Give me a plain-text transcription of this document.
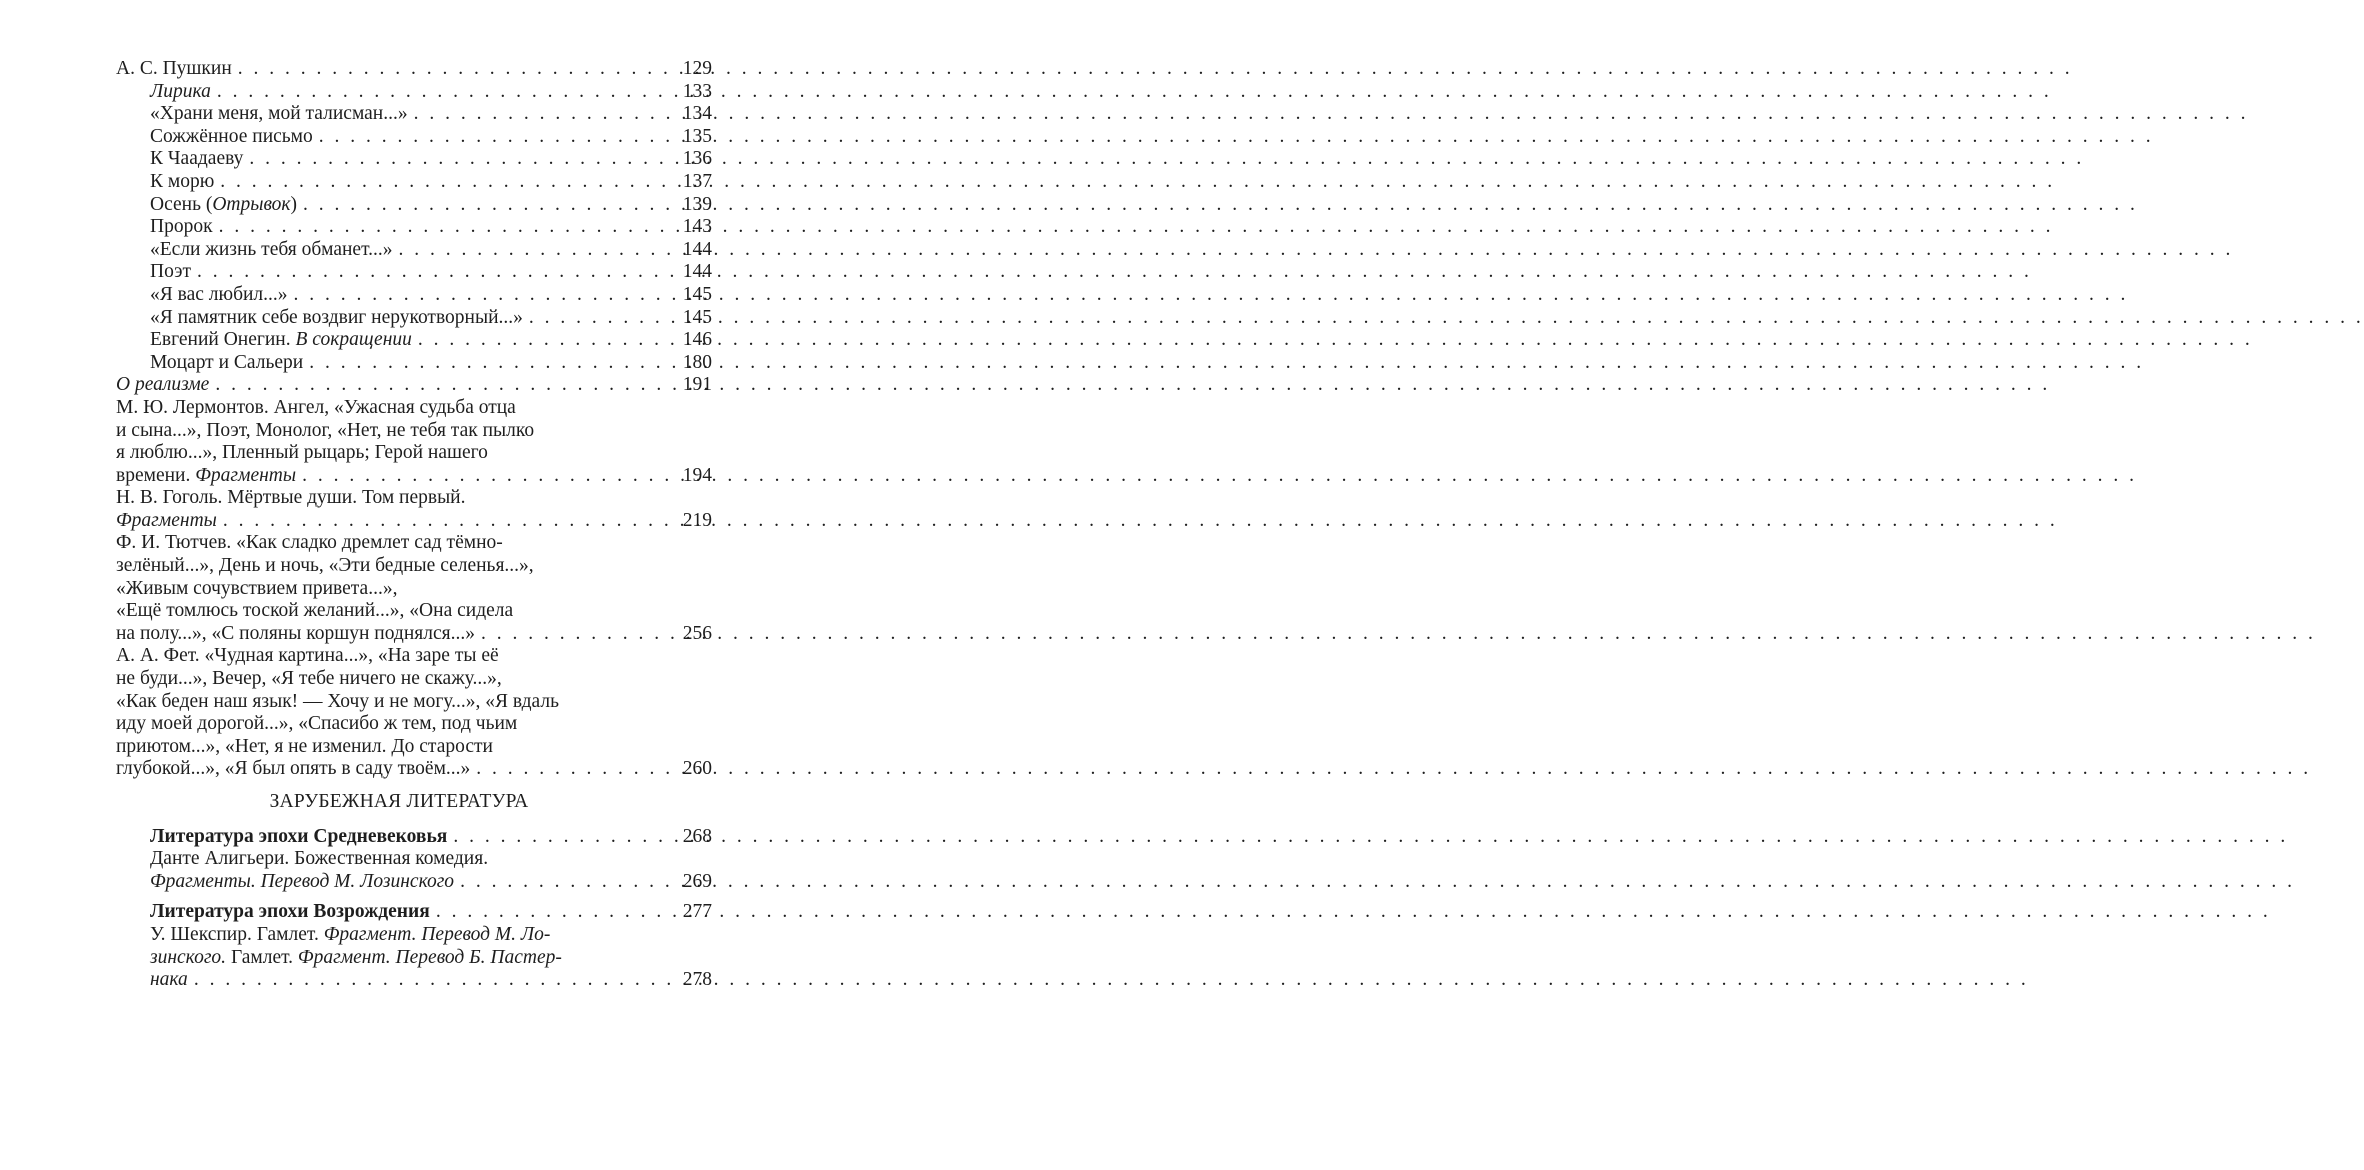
А. С. Пушкин . . .	129
Лирика . . .	133
«Храни меня, мой талисман...» . . .	134
Сожжённое письмо . . .	135
К Чаадаеву . . .	136
К морю . . .	137
Осень (Отрывок) . . .	139
Пророк . . .	143
«Если жизнь тебя обманет...» . . .	144
Поэт . . .	144
«Я вас любил...» . . .	145
«Я памятник себе воздвиг нерукотворный...» . . .	145
Евгений Онегин. В сокращении . . .	146
Моцарт и Сальери . . .	180
О реализме . . .	191
М. Ю. Лермонтов. Ангел, «Ужасная судьба отца
и сына...», Поэт, Монолог, «Нет, не тебя так пылко
я люблю...», Пленный рыцарь; Герой нашего
времени. Фрагменты . . .	194
Н. В. Гоголь. Мёртвые души. Том первый.
Фрагменты . . .	219
Ф. И. Тютчев. «Как сладко дремлет сад тёмно-
зелёный...», День и ночь, «Эти бедные селенья...»,
«Живым сочувствием привета...»,
«Ещё томлюсь тоской желаний...», «Она сидела
на полу...», «С поляны коршун поднялся...» . . .	256
А. А. Фет. «Чудная картина...», «На заре ты её
не буди...», Вечер, «Я тебе ничего не скажу...»,
«Как беден наш язык! — Хочу и не могу...», «Я вдаль
иду моей дорогой...», «Спасибо ж тем, под чьим
приютом...», «Нет, я не изменил. До старости
глубокой...», «Я был опять в саду твоём...» . . .	260
ЗАРУБЕЖНАЯ ЛИТЕРАТУРА
Литература эпохи Средневековья . . .	268
Данте Алигьери. Божественная комедия.
Фрагменты. Перевод М. Лозинского . . .	269
Литература эпохи Возрождения . . .	277
У. Шекспир. Гамлет. Фрагмент. Перевод М. Ло-
зинского. Гамлет. Фрагмент. Перевод Б. Пастер-
нака . . .	278
